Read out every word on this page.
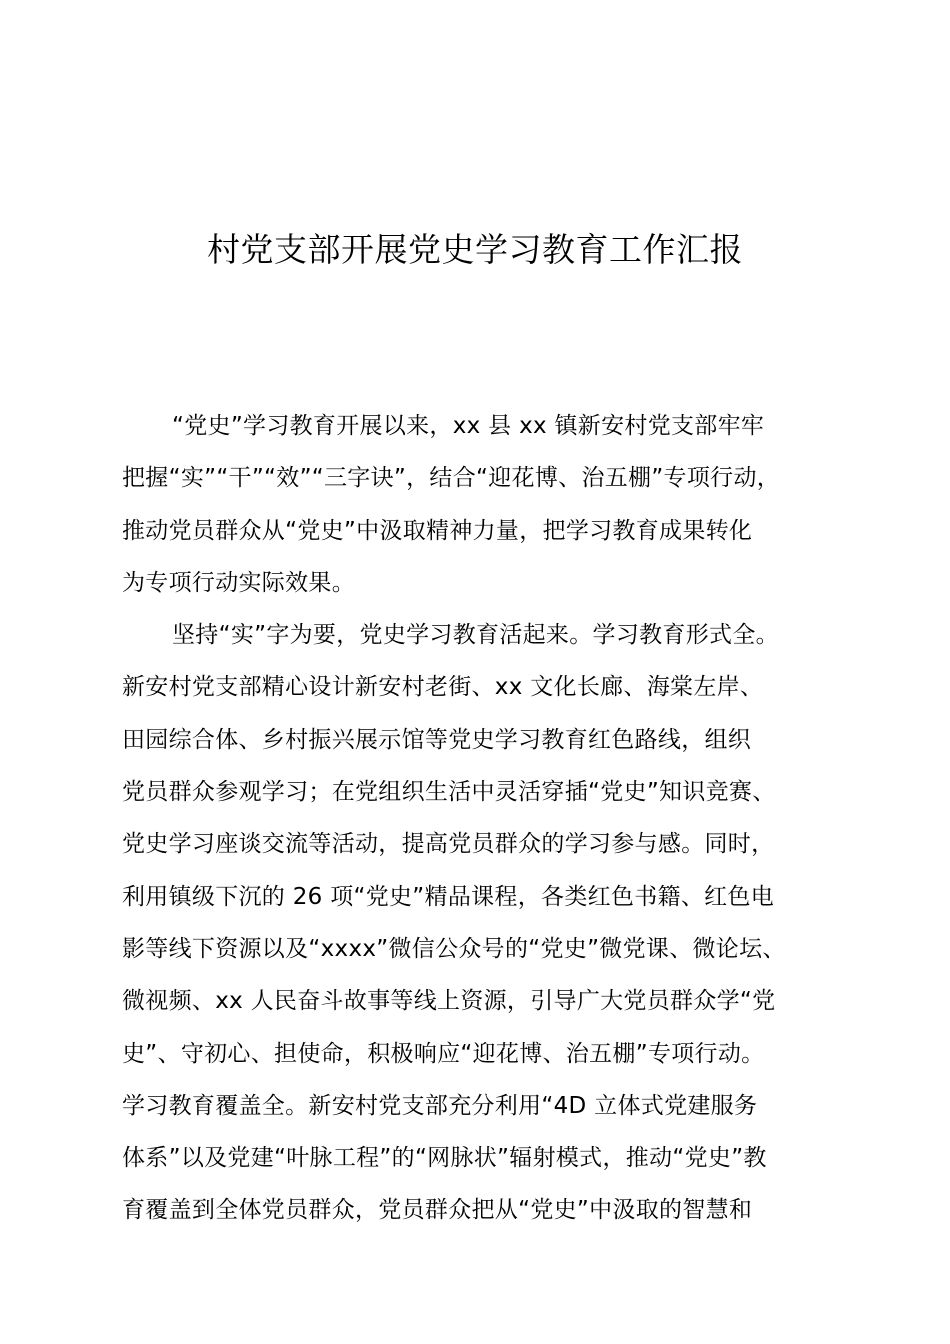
村党支部开展党史学习教育工作汇报
“党史”学习教育开展以来，xx 县 xx 镇新安村党支部牢牢
把握“实”“干”“效”“三字诀”，结合“迎花博、治五棚”专项行动，
推动党员群众从“党史”中汲取精神力量，把学习教育成果转化
为专项行动实际效果。
坚持“实”字为要，党史学习教育活起来。学习教育形式全。
新安村党支部精心设计新安村老街、xx 文化长廊、海棠左岸、
田园综合体、乡村振兴展示馆等党史学习教育红色路线，组织
党员群众参观学习；在党组织生活中灵活穿插“党史”知识竞赛、
党史学习座谈交流等活动，提高党员群众的学习参与感。同时，
利用镇级下沉的 26 项“党史”精品课程，各类红色书籍、红色电
影等线下资源以及“xxxx”微信公众号的“党史”微党课、微论坛、
微视频、xx 人民奋斗故事等线上资源，引导广大党员群众学“党
史”、守初心、担使命，积极响应“迎花博、治五棚”专项行动。
学习教育覆盖全。新安村党支部充分利用“4D 立体式党建服务
体系”以及党建“叶脉工程”的“网脉状”辐射模式，推动“党史”教
育覆盖到全体党员群众，党员群众把从“党史”中汲取的智慧和
